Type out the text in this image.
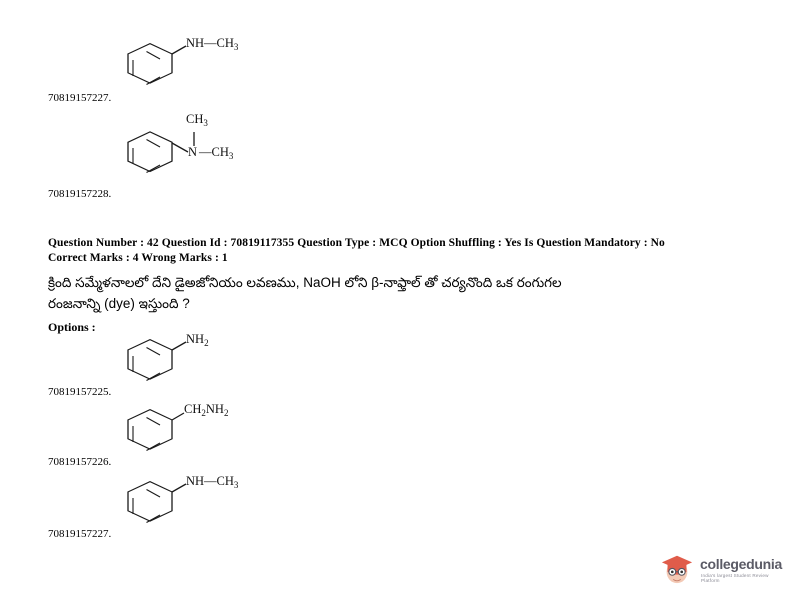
$NH—CH_3$
70819157227.
$CH_3$
N $—CH_3$
70819157228.
Question Number : 42 Question Id : 70819117355 Question Type : MCQ Option Shuffling : Yes Is Question Mandatory : No
Correct Marks : 4 Wrong Marks : 1
క్రింది సమ్మేళనాలలో దేని డైఅజోనియం లవణము, NaOH లోని β-నాఫ్తాల్ తో చర్యనొంది ఒక రంగుగల
రంజనాన్ని (dye) ఇస్తుంది ?
Options :
$NH_2$
70819157225.
$CH_2NH_2$
70819157226.
$NH—CH_3$
70819157227.
collegedunia
India's largest Student Review Platform
